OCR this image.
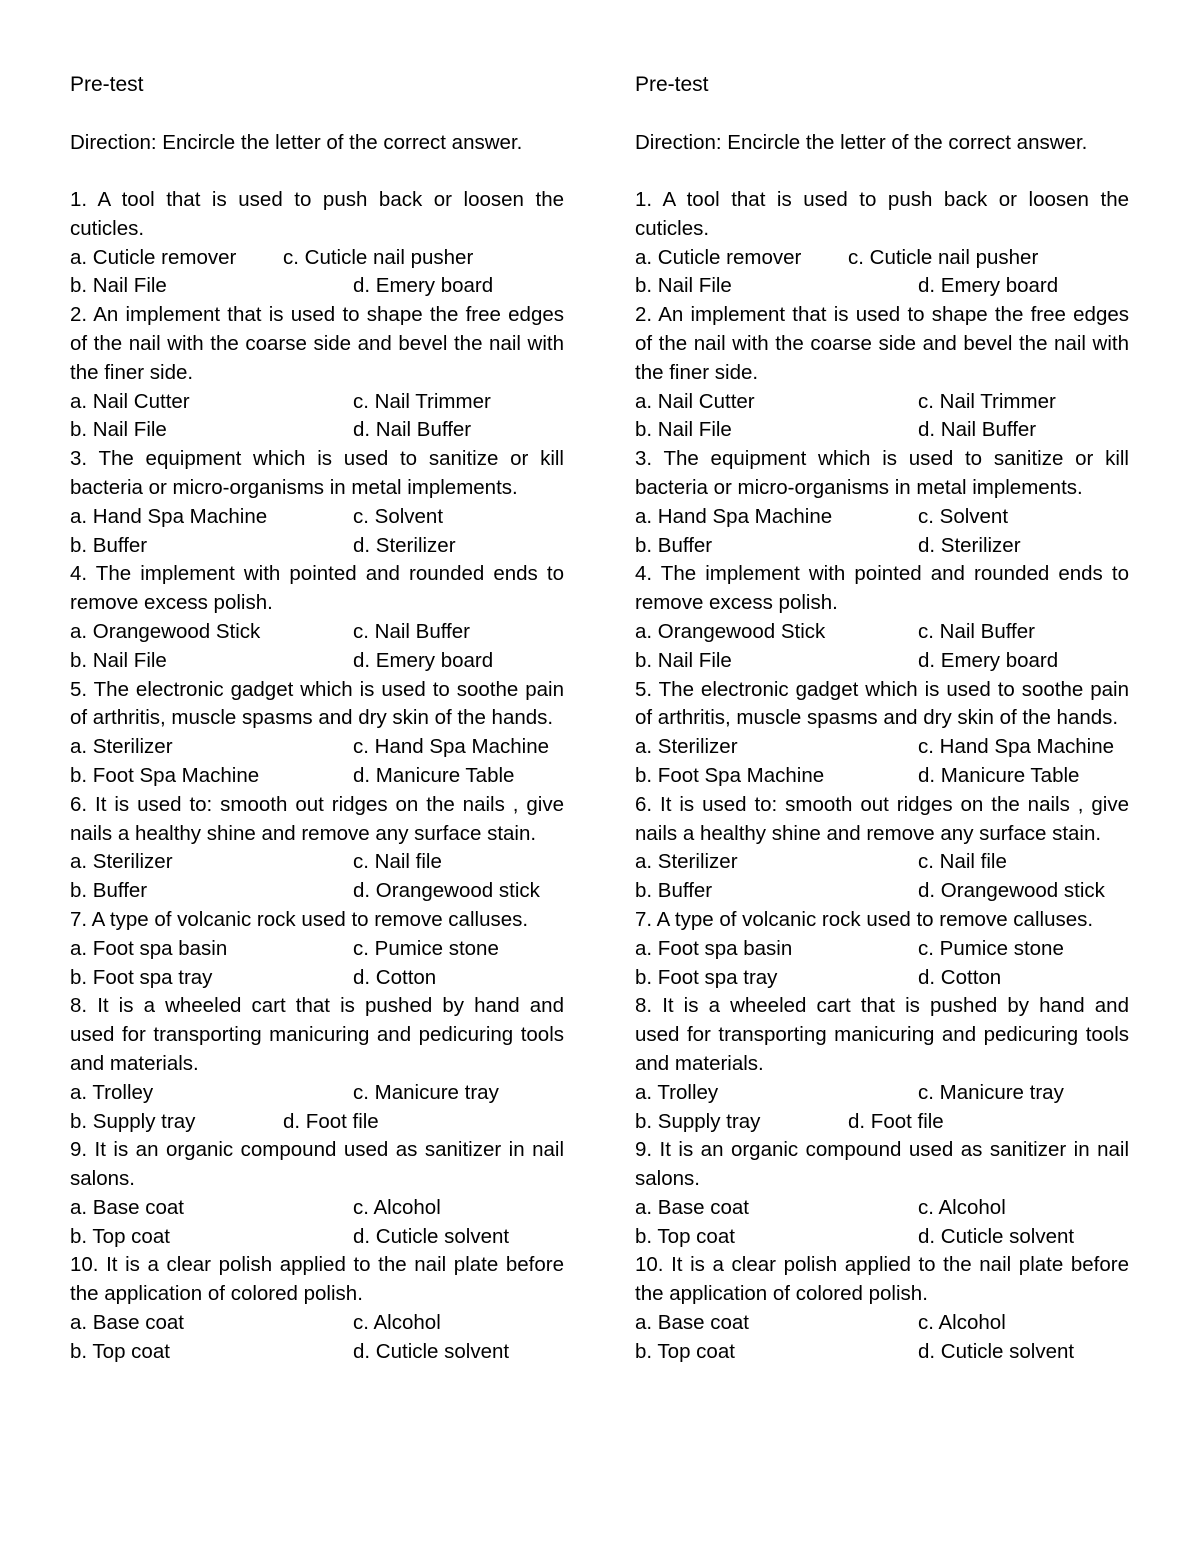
Pre-test
Direction: Encircle the letter of the correct answer.
1. A tool that is used to push back or loosen the cuticles.
a. Cuticle remover	c. Cuticle nail pusher
b. Nail File	d. Emery board
2. An implement that is used to shape the free edges of the nail with the coarse side and bevel the nail with the finer side.
a. Nail Cutter	c. Nail Trimmer
b. Nail File	d. Nail Buffer
3. The equipment which is used to sanitize or kill bacteria or micro-organisms in metal implements.
a. Hand Spa Machine	c. Solvent
b. Buffer	d. Sterilizer
4. The implement with pointed and rounded ends to remove excess polish.
a. Orangewood Stick	c. Nail Buffer
b. Nail File	d. Emery board
5. The electronic gadget which is used to soothe pain of arthritis, muscle spasms and dry skin of the hands.
a. Sterilizer	c. Hand Spa Machine
b. Foot Spa Machine	d. Manicure Table
6. It is used to: smooth out ridges on the nails , give nails a healthy shine and remove any surface stain.
a. Sterilizer	c. Nail file
b. Buffer	d. Orangewood stick
7. A type of volcanic rock used to remove calluses.
a. Foot spa basin	c. Pumice stone
b. Foot spa tray	d. Cotton
8. It is a wheeled cart that is pushed by hand and used for transporting manicuring and pedicuring tools and materials.
a. Trolley	c. Manicure tray
b. Supply tray	d. Foot file
9. It is an organic compound used as sanitizer in nail salons.
a. Base coat	c. Alcohol
b. Top coat	d. Cuticle solvent
10. It is a clear polish applied to the nail plate before the application of colored polish.
a. Base coat	c. Alcohol
b. Top coat	d. Cuticle solvent
Pre-test
Direction: Encircle the letter of the correct answer.
1. A tool that is used to push back or loosen the cuticles.
a. Cuticle remover	c. Cuticle nail pusher
b. Nail File	d. Emery board
2. An implement that is used to shape the free edges of the nail with the coarse side and bevel the nail with the finer side.
a. Nail Cutter	c. Nail Trimmer
b. Nail File	d. Nail Buffer
3. The equipment which is used to sanitize or kill bacteria or micro-organisms in metal implements.
a. Hand Spa Machine	c. Solvent
b. Buffer	d. Sterilizer
4. The implement with pointed and rounded ends to remove excess polish.
a. Orangewood Stick	c. Nail Buffer
b. Nail File	d. Emery board
5. The electronic gadget which is used to soothe pain of arthritis, muscle spasms and dry skin of the hands.
a. Sterilizer	c. Hand Spa Machine
b. Foot Spa Machine	d. Manicure Table
6. It is used to: smooth out ridges on the nails , give nails a healthy shine and remove any surface stain.
a. Sterilizer	c. Nail file
b. Buffer	d. Orangewood stick
7. A type of volcanic rock used to remove calluses.
a. Foot spa basin	c. Pumice stone
b. Foot spa tray	d. Cotton
8. It is a wheeled cart that is pushed by hand and used for transporting manicuring and pedicuring tools and materials.
a. Trolley	c. Manicure tray
b. Supply tray	d. Foot file
9. It is an organic compound used as sanitizer in nail salons.
a. Base coat	c. Alcohol
b. Top coat	d. Cuticle solvent
10. It is a clear polish applied to the nail plate before the application of colored polish.
a. Base coat	c. Alcohol
b. Top coat	d. Cuticle solvent
